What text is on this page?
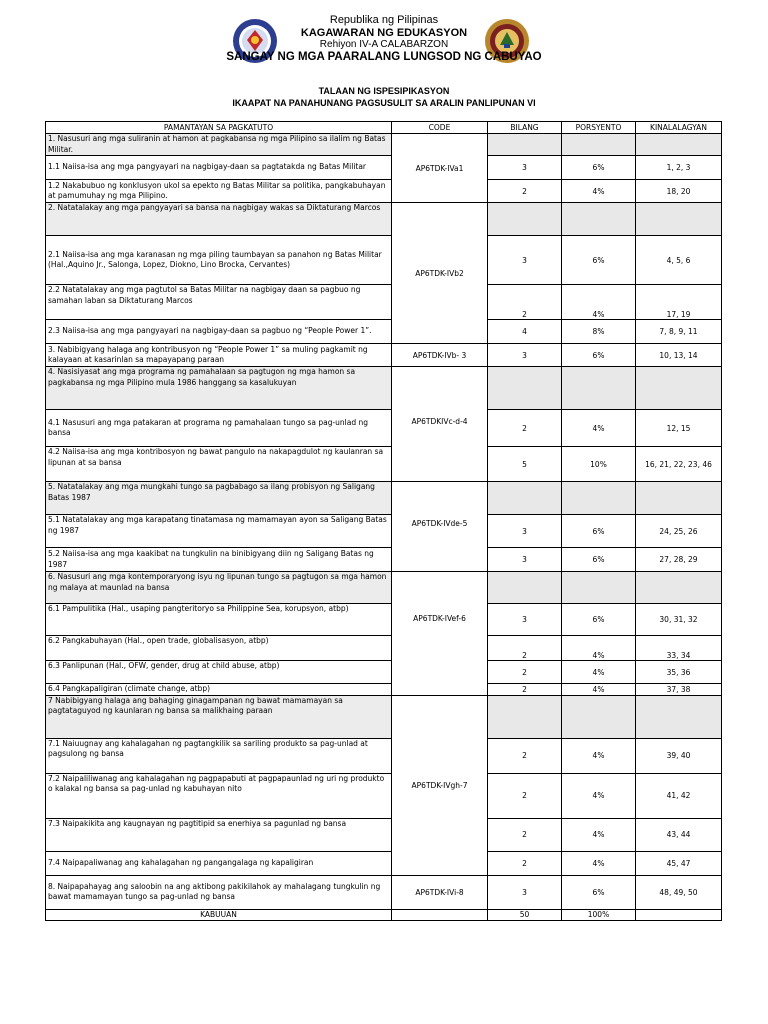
Republika ng Pilipinas
KAGAWARAN NG EDUKASYON
Rehiyon IV-A CALABARZON
SANGAY NG MGA PAARALANG LUNGSOD NG CABUYAO
TALAAN NG ISPESIPIKASYON
IKAAPAT NA PANAHUNANG PAGSUSULIT SA ARALIN PANLIPUNAN VI
PAMANTAYAN SA PAGKATUTO	CODE	BILANG	PORSYENTO	KINALALAGYAN
1. Nasusuri ang mga suliranin at hamon at pagkabansa ng mga Pilipino sa ilalim ng Batas Militar.	AP6TDK-IVa1			
1.1 Naiisa-isa ang mga pangyayari na nagbigay-daan sa pagtatakda ng Batas Militar		3	6%	1, 2, 3
1.2 Nakabubuo ng konklusyon ukol sa epekto ng Batas Militar sa politika, pangkabuhayan at pamumuhay ng mga Pilipino.		2	4%	18, 20
2. Natatalakay ang mga pangyayari sa bansa na nagbigay wakas sa Diktaturang Marcos	AP6TDK-IVb2			
2.1 Naiisa-isa ang mga karanasan ng mga piling taumbayan sa panahon ng Batas Militar (Hal.,Aquino Jr., Salonga, Lopez, Diokno, Lino Brocka, Cervantes)		3	6%	4, 5, 6
2.2 Natatalakay ang mga pagtutol sa Batas Militar na nagbigay daan sa pagbuo ng samahan laban sa Diktaturang Marcos		2	4%	17, 19
2.3 Naiisa-isa ang mga pangyayari na nagbigay-daan sa pagbuo ng “People Power 1”.		4	8%	7, 8, 9, 11
3. Nabibigyang halaga ang kontribusyon ng “People Power 1” sa muling pagkamit ng kalayaan at kasarinlan sa mapayapang paraan	AP6TDK-IVb- 3	3	6%	10, 13, 14
4. Nasisiyasat ang mga programa ng pamahalaan sa pagtugon ng mga hamon sa pagkabansa ng mga Pilipino mula 1986 hanggang sa kasalukuyan	AP6TDKIVc-d-4			
4.1 Nasusuri ang mga patakaran at programa ng pamahalaan tungo sa pag-unlad ng bansa		2	4%	12, 15
4.2 Naiisa-isa ang mga kontribosyon ng bawat pangulo na nakapagdulot ng kaulanran sa lipunan at sa bansa		5	10%	16, 21, 22, 23, 46
5. Natatalakay ang mga mungkahi tungo sa pagbabago sa ilang probisyon ng Saligang Batas 1987	AP6TDK-IVde-5			
5.1 Natatalakay ang mga karapatang tinatamasa ng mamamayan ayon sa Saligang Batas ng 1987		3	6%	24, 25, 26
5.2 Naiisa-isa ang mga kaakibat na tungkulin na binibigyang diin ng Saligang Batas ng 1987		3	6%	27, 28, 29
6. Nasusuri ang mga kontemporaryong isyu ng lipunan tungo sa pagtugon sa mga hamon ng malaya at maunlad na bansa	AP6TDK-IVef-6			
6.1 Pampulitika (Hal., usaping pangteritoryo sa Philippine Sea, korupsyon, atbp)		3	6%	30, 31, 32
6.2 Pangkabuhayan (Hal., open trade, globalisasyon, atbp)		2	4%	33, 34
6.3 Panlipunan (Hal., OFW, gender, drug at child abuse, atbp)		2	4%	35, 36
6.4 Pangkapaligiran (climate change, atbp)		2	4%	37, 38
7 Nabibigyang halaga ang bahaging ginagampanan ng bawat mamamayan sa pagtataguyod ng kaunlaran ng bansa sa malikhaing paraan	AP6TDK-IVgh-7			
7.1 Naiuugnay ang kahalagahan ng pagtangkilik sa sariling produkto sa pag-unlad at pagsulong ng bansa		2	4%	39, 40
7.2 Naipaliliwanag ang kahalagahan ng pagpapabuti at pagpapaunlad ng uri ng produkto o kalakal ng bansa sa pag-unlad ng kabuhayan nito		2	4%	41, 42
7.3 Naipakikita ang kaugnayan ng pagtitipid sa enerhiya sa pagunlad ng bansa		2	4%	43, 44
7.4 Naipapaliwanag ang kahalagahan ng pangangalaga ng kapaligiran		2	4%	45, 47
8. Naipapahayag ang saloobin na ang aktibong pakikilahok ay mahalagang tungkulin ng bawat mamamayan tungo sa pag-unlad ng bansa	AP6TDK-IVi-8	3	6%	48, 49, 50
KABUUAN		50	100%	
